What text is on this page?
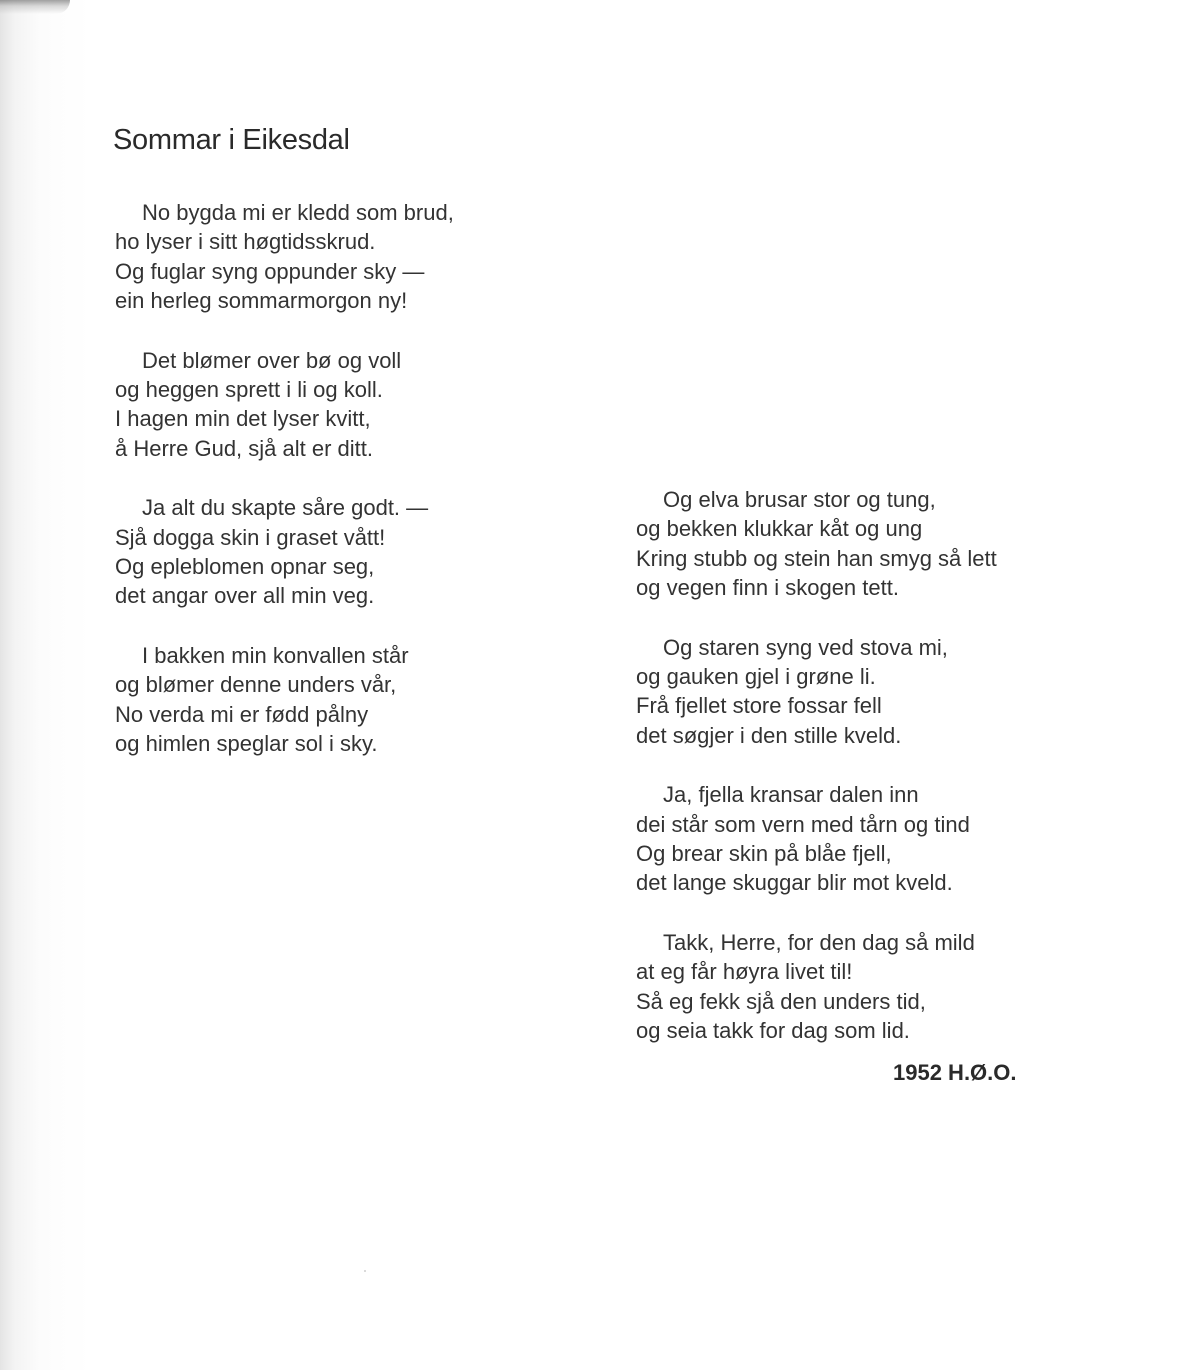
Sommar i Eikesdal
No bygda mi er kledd som brud,
ho lyser i sitt høgtidsskrud.
Og fuglar syng oppunder sky —
ein herleg sommarmorgon ny!
Det blømer over bø og voll
og heggen sprett i li og koll.
I hagen min det lyser kvitt,
å Herre Gud, sjå alt er ditt.
Ja alt du skapte såre godt. —
Sjå dogga skin i graset vått!
Og epleblomen opnar seg,
det angar over all min veg.
I bakken min konvallen står
og blømer denne unders vår,
No verda mi er fødd pålny
og himlen speglar sol i sky.
Og elva brusar stor og tung,
og bekken klukkar kåt og ung
Kring stubb og stein han smyg så lett
og vegen finn i skogen tett.
Og staren syng ved stova mi,
og gauken gjel i grøne li.
Frå fjellet store fossar fell
det søgjer i den stille kveld.
Ja, fjella kransar dalen inn
dei står som vern med tårn og tind
Og brear skin på blåe fjell,
det lange skuggar blir mot kveld.
Takk, Herre, for den dag så mild
at eg får høyra livet til!
Så eg fekk sjå den unders tid,
og seia takk for dag som lid.
1952 H.Ø.O.
